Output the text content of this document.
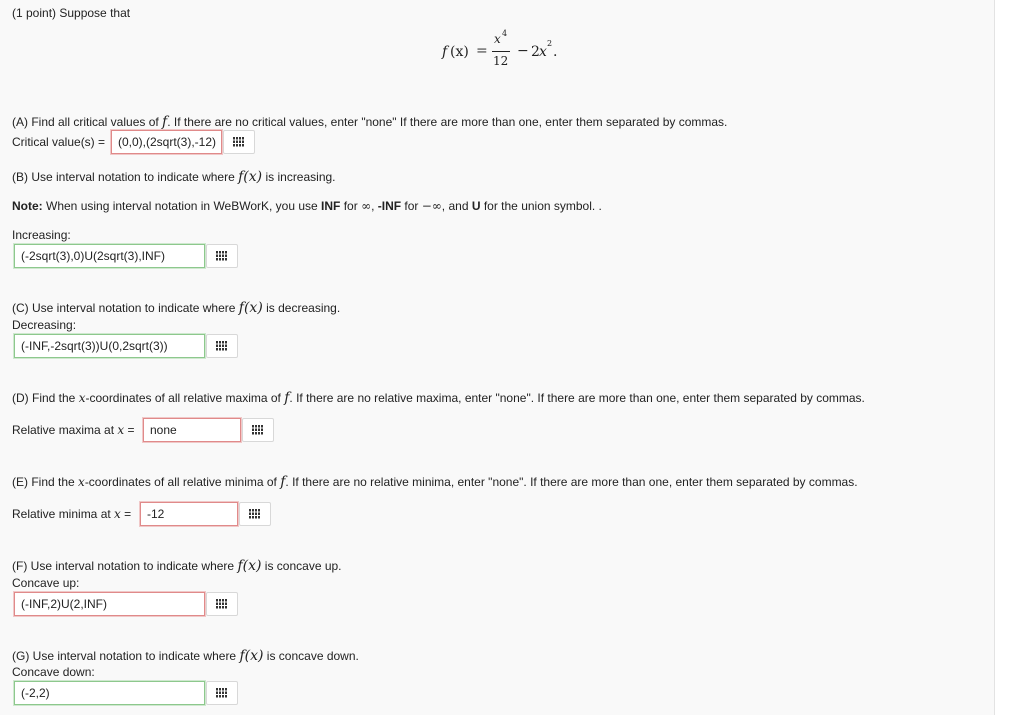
(1 point) Suppose that
f (x) =
x 4
12
− 2 x
2
.
(A) Find all critical values of f. If there are no critical values, enter "none" If there are more than one, enter them separated by commas.
Critical value(s) =	(0,0),(2sqrt(3),-12)
(B) Use interval notation to indicate where f(x) is increasing.
Note: When using interval notation in WeBWorK, you use INF for ∞, -INF for −∞, and U for the union symbol. .
Increasing:
(-2sqrt(3),0)U(2sqrt(3),INF)
(C) Use interval notation to indicate where f(x) is decreasing.
Decreasing:
(-INF,-2sqrt(3))U(0,2sqrt(3))
(D) Find the x-coordinates of all relative maxima of f. If there are no relative maxima, enter "none". If there are more than one, enter them separated by commas.
Relative maxima at x =	none
(E) Find the x-coordinates of all relative minima of f. If there are no relative minima, enter "none". If there are more than one, enter them separated by commas.
Relative minima at x =	-12
(F) Use interval notation to indicate where f(x) is concave up.
Concave up:
(-INF,2)U(2,INF)
(G) Use interval notation to indicate where f(x) is concave down.
Concave down:
(-2,2)
